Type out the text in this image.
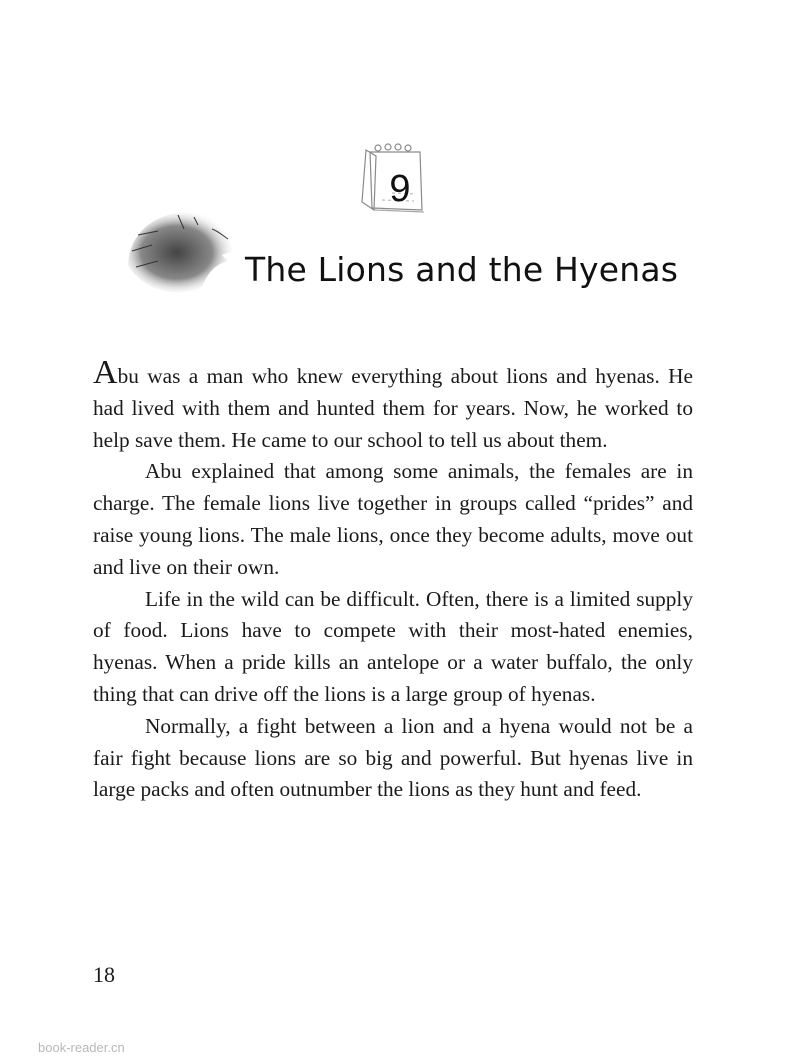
9
The Lions and the Hyenas

Abu was a man who knew everything about lions and hyenas. He had lived with them and hunted them for years. Now, he worked to help save them. He came to our school to tell us about them.

Abu explained that among some animals, the females are in charge. The female lions live together in groups called “prides” and raise young lions. The male lions, once they become adults, move out and live on their own.

Life in the wild can be difficult. Often, there is a limited supply of food. Lions have to compete with their most-hated enemies, hyenas. When a pride kills an antelope or a water buffalo, the only thing that can drive off the lions is a large group of hyenas.

Normally, a fight between a lion and a hyena would not be a fair fight because lions are so big and powerful. But hyenas live in large packs and often outnumber the lions as they hunt and feed.

18
book-reader.cn
